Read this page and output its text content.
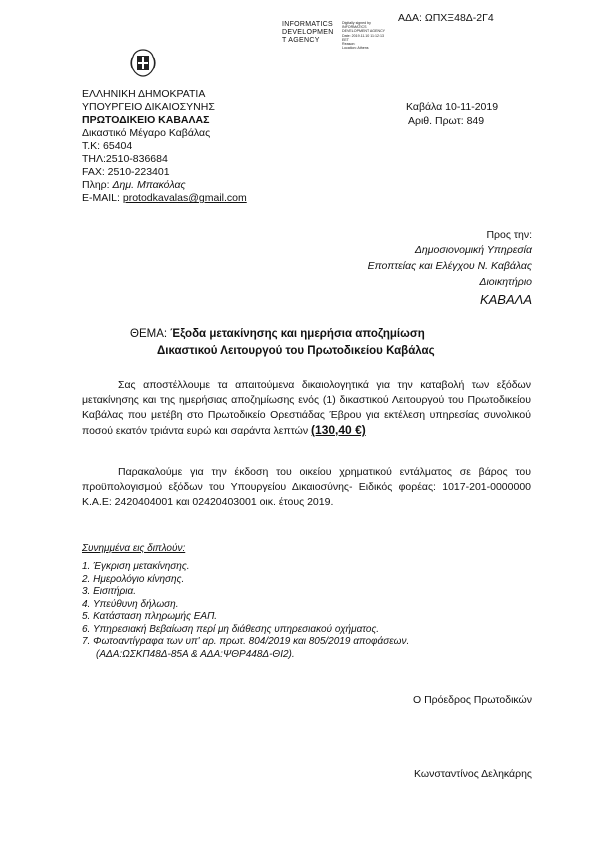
ΑΔΑ: ΩΠΧΞ48Δ-2Γ4
INFORMATICS
DEVELOPMEN
T AGENCY
Digitally signed by
INFORMATICS
DEVELOPMENT AGENCY
Date: 2019.11.10 11:12:13
EET
Reason:
Location: Athens
ΕΛΛΗΝΙΚΗ ΔΗΜΟΚΡΑΤΙΑ
ΥΠΟΥΡΓΕΙΟ ΔΙΚΑΙΟΣΥΝΗΣ
ΠΡΩΤΟΔΙΚΕΙΟ ΚΑΒΑΛΑΣ
Δικαστικό Μέγαρο Καβάλας
Τ.Κ: 65404
ΤΗΛ:2510-836684
FAX: 2510-223401
Πληρ: Δημ. Μπακόλας
E-MAIL: protodkavalas@gmail.com
Καβάλα 10-11-2019
Αριθ. Πρωτ: 849
Προς την:
Δημοσιονομική Υπηρεσία
Εποπτείας και Ελέγχου Ν. Καβάλας
Διοικητήριο
ΚΑΒΑΛΑ
ΘΕΜΑ: Έξοδα μετακίνησης και ημερήσια αποζημίωση
Δικαστικού Λειτουργού του Πρωτοδικείου Καβάλας
Σας αποστέλλουμε τα απαιτούμενα δικαιολογητικά για την καταβολή των εξόδων μετακίνησης και της ημερήσιας αποζημίωσης ενός (1) δικαστικού Λειτουργού του Πρωτοδικείου Καβάλας που μετέβη στο Πρωτοδικείο Ορεστιάδας Έβρου για εκτέλεση υπηρεσίας συνολικού ποσού εκατόν τριάντα ευρώ και σαράντα λεπτών (130,40 €)
Παρακαλούμε για την έκδοση του οικείου χρηματικού εντάλματος σε βάρος του προϋπολογισμού εξόδων του Υπουργείου Δικαιοσύνης- Ειδικός φορέας: 1017-201-0000000 Κ.Α.Ε: 2420404001 και 02420403001 οικ. έτους 2019.
Συνημμένα εις διπλούν:
1. Έγκριση μετακίνησης.
2. Ημερολόγιο κίνησης.
3. Εισιτήρια.
4. Υπεύθυνη δήλωση.
5. Κατάσταση πληρωμής ΕΑΠ.
6. Υπηρεσιακή Βεβαίωση περί μη διάθεσης υπηρεσιακού οχήματος.
7. Φωτοαντίγραφα των υπ' αρ. πρωτ. 804/2019 και 805/2019 αποφάσεων.
(ΑΔΑ:ΩΣΚΠ48Δ-85Α & ΑΔΑ:ΨΘΡ448Δ-ΘΙ2).
Ο Πρόεδρος Πρωτοδικών
Κωνσταντίνος Δεληκάρης
